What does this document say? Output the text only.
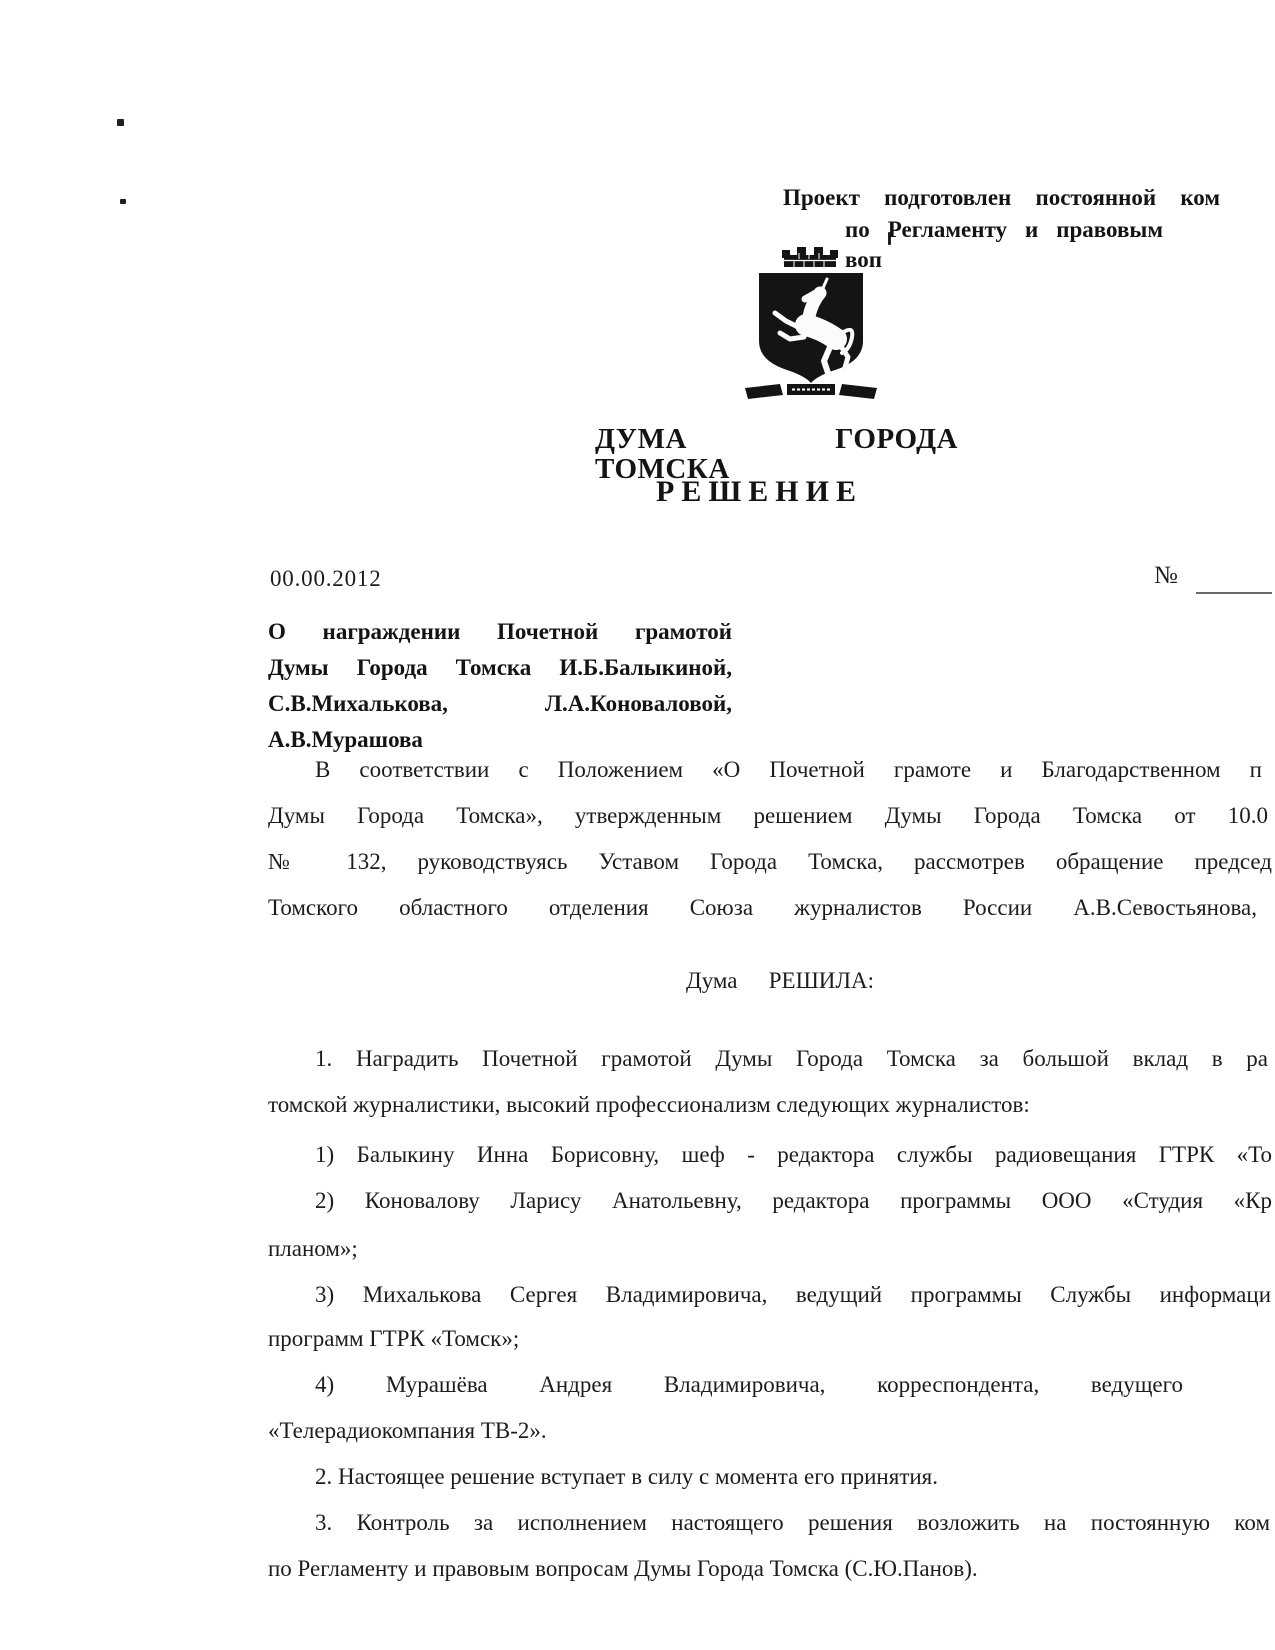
Проект подготовлен постоянной ком
по Регламенту и правовым воп
ДУМА ГОРОДА ТОМСКА
РЕШЕНИЕ
00.00.2012	№
О награждении Почетной грамотой
Думы Города Томска И.Б.Балыкиной,
С.В.Михалькова, Л.А.Коноваловой,
А.В.Мурашова
В соответствии с Положением «О Почетной грамоте и Благодарственном п
Думы Города Томска», утвержденным решением Думы Города Томска от 10.0
№ 132, руководствуясь Уставом Города Томска, рассмотрев обращение председ
Томского областного отделения Союза журналистов России А.В.Севостьянова,
Дума РЕШИЛА:
1. Наградить Почетной грамотой Думы Города Томска за большой вклад в ра
томской журналистики, высокий профессионализм следующих журналистов:
1) Балыкину Инна Борисовну, шеф - редактора службы радиовещания ГТРК «То
2) Коновалову Ларису Анатольевну, редактора программы ООО «Студия «Кр
планом»;
3) Михалькова Сергея Владимировича, ведущий программы Службы информаци
программ ГТРК «Томск»;
4) Мурашёва Андрея Владимировича, корреспондента, ведущего
«Телерадиокомпания ТВ-2».
2. Настоящее решение вступает в силу с момента его принятия.
3. Контроль за исполнением настоящего решения возложить на постоянную ком
по Регламенту и правовым вопросам Думы Города Томска (С.Ю.Панов).
